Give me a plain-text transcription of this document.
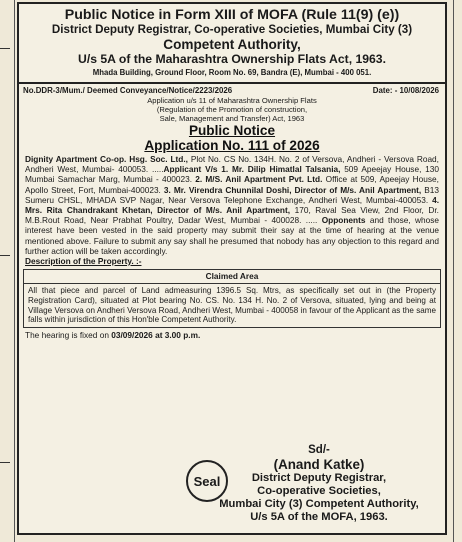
Public Notice in Form XIII of MOFA (Rule 11(9) (e))
District Deputy Registrar, Co-operative Societies, Mumbai City (3)
Competent Authority,
U/s 5A of the Maharashtra Ownership Flats Act, 1963.
Mhada Building, Ground Floor, Room No. 69, Bandra (E), Mumbai - 400 051.
No.DDR-3/Mum./ Deemed Conveyance/Notice/2223/2026	Date: - 10/08/2026
Application u/s 11 of Maharashtra Ownership Flats
(Regulation of the Promotion of construction,
Sale, Management and Transfer) Act, 1963
Public Notice
Application No. 111 of 2026
Dignity Apartment Co-op. Hsg. Soc. Ltd., Plot No. CS No. 134H. No. 2 of Versova, Andheri - Versova Road, Andheri West, Mumbai- 400053. .....Applicant V/s 1. Mr. Dilip Himatlal Talsania, 509 Apeejay House, 130 Mumbai Samachar Marg, Mumbai - 400023. 2. M/S. Anil Apartment Pvt. Ltd. Office at 509, Apeejay House, Apollo Street, Fort, Mumbai-400023. 3. Mr. Virendra Chunnilal Doshi, Director of M/s. Anil Apartment, B13 Sumeru CHSL, MHADA SVP Nagar, Near Versova Telephone Exchange, Andheri West, Mumbai-400053. 4. Mrs. Rita Chandrakant Khetan, Director of M/s. Anil Apartment, 170, Raval Sea View, 2nd Floor, Dr. M.B.Rout Road, Near Prabhat Poultry, Dadar West, Mumbai - 400028. ..... Opponents and those, whose interest have been vested in the said property may submit their say at the time of hearing at the venue mentioned above. Failure to submit any say shall he presumed that nobody has any objection to this regard and further action will be taken accordingly.
Description of the Property. :-
Claimed Area
All that piece and parcel of Land admeasuring 1396.5 Sq. Mtrs, as specifically set out in (the Property Registration Card), situated at Plot bearing No. CS. No. 134 H. No. 2 of Versova, situated, lying and being at Village Versova on Andheri Versova Road, Andheri West, Mumbai - 400058 in favour of the Applicant as the same falls within jurisdiction of this Hon'ble Competent Authority.
The hearing is fixed on 03/09/2026 at 3.00 p.m.
Seal
Sd/-
(Anand Katke)
District Deputy Registrar,
Co-operative Societies,
Mumbai City (3) Competent Authority,
U/s 5A of the MOFA, 1963.
